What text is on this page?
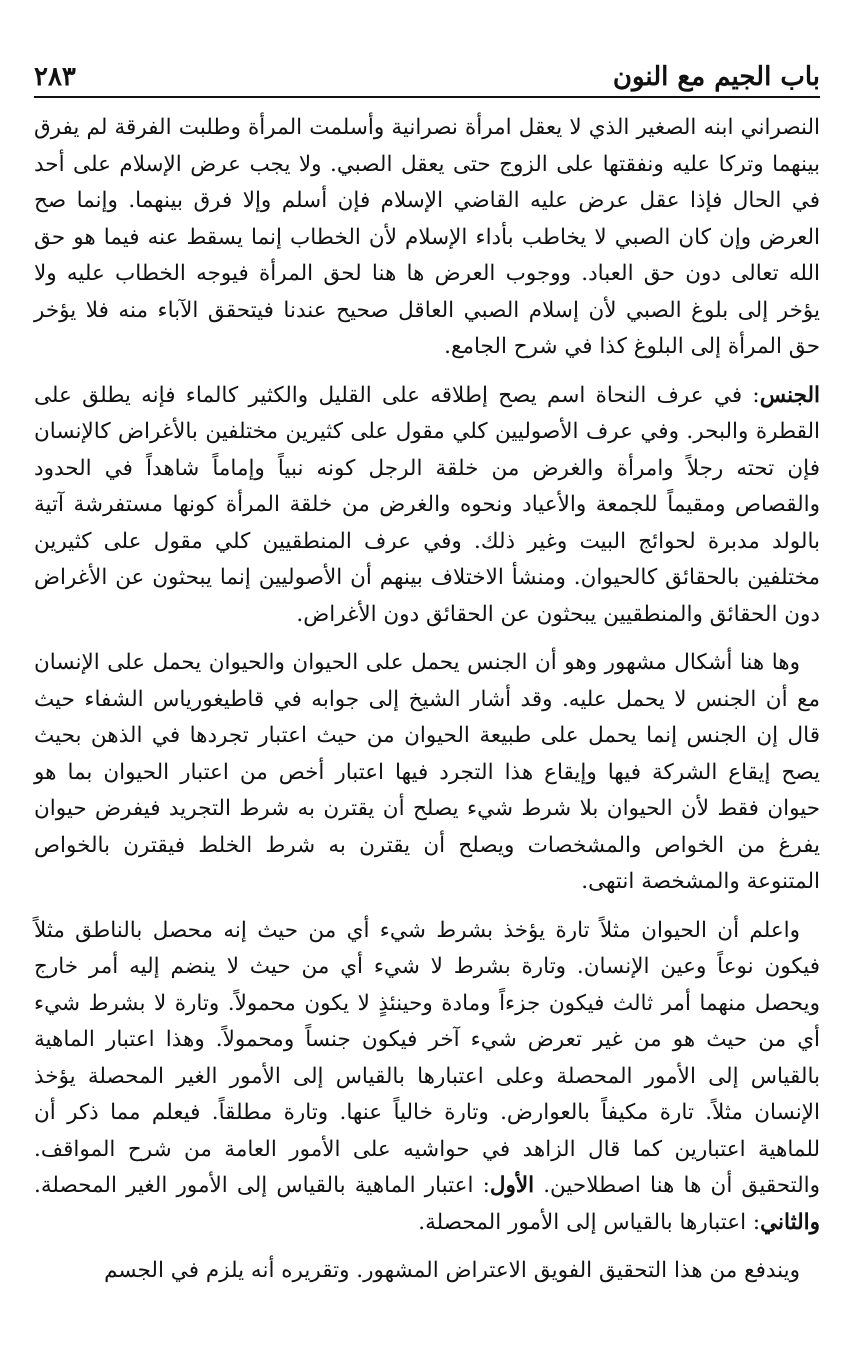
باب الجيم مع النون
٢٨٣

النصراني ابنه الصغير الذي لا يعقل امرأة نصرانية وأسلمت المرأة وطلبت الفرقة لم يفرق بينهما وتركا عليه ونفقتها على الزوج حتى يعقل الصبي. ولا يجب عرض الإسلام على أحد في الحال فإذا عقل عرض عليه القاضي الإسلام فإن أسلم وإلا فرق بينهما. وإنما صح العرض وإن كان الصبي لا يخاطب بأداء الإسلام لأن الخطاب إنما يسقط عنه فيما هو حق الله تعالى دون حق العباد. ووجوب العرض ها هنا لحق المرأة فيوجه الخطاب عليه ولا يؤخر إلى بلوغ الصبي لأن إسلام الصبي العاقل صحيح عندنا فيتحقق الآباء منه فلا يؤخر حق المرأة إلى البلوغ كذا في شرح الجامع.

الجنس: في عرف النحاة اسم يصح إطلاقه على القليل والكثير كالماء فإنه يطلق على القطرة والبحر. وفي عرف الأصوليين كلي مقول على كثيرين مختلفين بالأغراض كالإنسان فإن تحته رجلاً وامرأة والغرض من خلقة الرجل كونه نبياً وإماماً شاهداً في الحدود والقصاص ومقيماً للجمعة والأعياد ونحوه والغرض من خلقة المرأة كونها مستفرشة آتية بالولد مدبرة لحوائج البيت وغير ذلك. وفي عرف المنطقيين كلي مقول على كثيرين مختلفين بالحقائق كالحيوان. ومنشأ الاختلاف بينهم أن الأصوليين إنما يبحثون عن الأغراض دون الحقائق والمنطقيين يبحثون عن الحقائق دون الأغراض.

وها هنا أشكال مشهور وهو أن الجنس يحمل على الحيوان والحيوان يحمل على الإنسان مع أن الجنس لا يحمل عليه. وقد أشار الشيخ إلى جوابه في قاطيغورياس الشفاء حيث قال إن الجنس إنما يحمل على طبيعة الحيوان من حيث اعتبار تجردها في الذهن بحيث يصح إيقاع الشركة فيها وإيقاع هذا التجرد فيها اعتبار أخص من اعتبار الحيوان بما هو حيوان فقط لأن الحيوان بلا شرط شيء يصلح أن يقترن به شرط التجريد فيفرض حيوان يفرغ من الخواص والمشخصات ويصلح أن يقترن به شرط الخلط فيقترن بالخواص المتنوعة والمشخصة انتهى.

واعلم أن الحيوان مثلاً تارة يؤخذ بشرط شيء أي من حيث إنه محصل بالناطق مثلاً فيكون نوعاً وعين الإنسان. وتارة بشرط لا شيء أي من حيث لا ينضم إليه أمر خارج ويحصل منهما أمر ثالث فيكون جزءاً ومادة وحينئذٍ لا يكون محمولاً. وتارة لا بشرط شيء أي من حيث هو من غير تعرض شيء آخر فيكون جنساً ومحمولاً. وهذا اعتبار الماهية بالقياس إلى الأمور المحصلة وعلى اعتبارها بالقياس إلى الأمور الغير المحصلة يؤخذ الإنسان مثلاً. تارة مكيفاً بالعوارض. وتارة خالياً عنها. وتارة مطلقاً. فيعلم مما ذكر أن للماهية اعتبارين كما قال الزاهد في حواشيه على الأمور العامة من شرح المواقف. والتحقيق أن ها هنا اصطلاحين. الأول: اعتبار الماهية بالقياس إلى الأمور الغير المحصلة. والثاني: اعتبارها بالقياس إلى الأمور المحصلة.

ويندفع من هذا التحقيق الفويق الاعتراض المشهور. وتقريره أنه يلزم في الجسم
